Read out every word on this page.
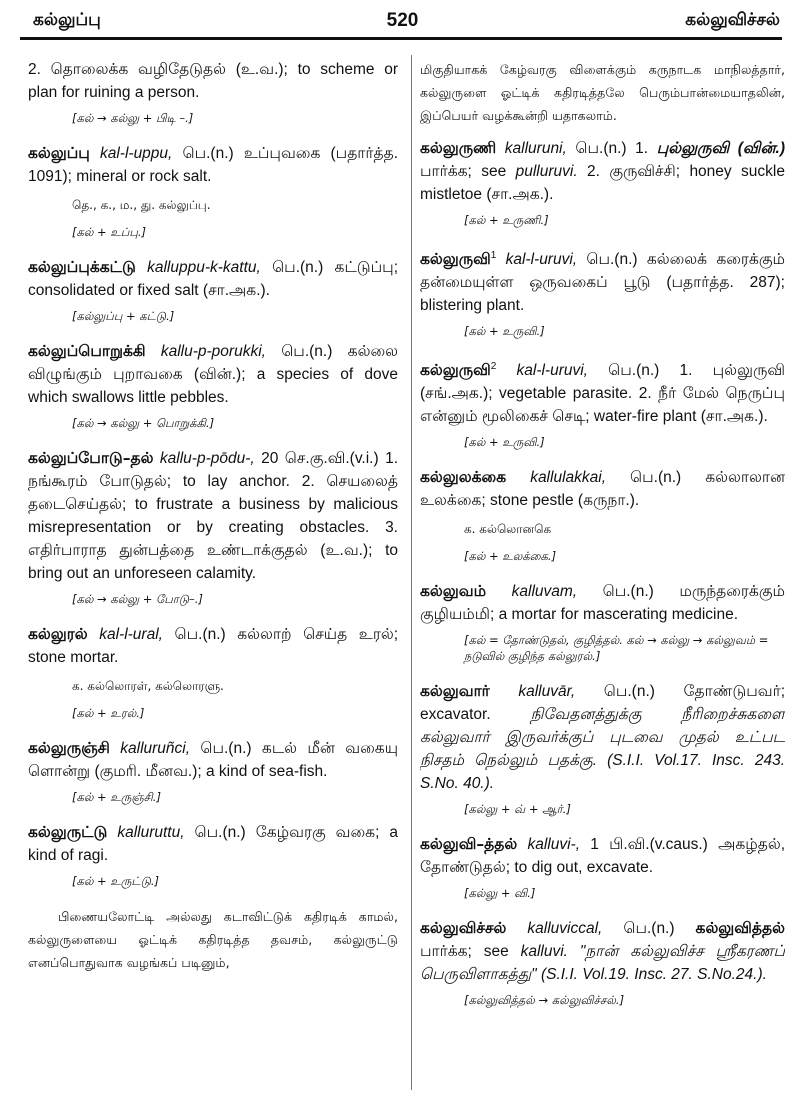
கல்லுப்பு	520	கல்லுவிச்சல்
2. தொலைக்க வழிதேடுதல் (உ.வ.); to scheme or plan for ruining a person.
[கல் → கல்லு + பிடி –.]
கல்லுப்பு kal-l-uppu, பெ.(n.) உப்புவகை (பதார்த்த. 1091); mineral or rock salt.
தெ., க., ம., து. கல்லுப்பு.
[கல் + உப்பு.]
கல்லுப்புக்கட்டு kalluppu-k-kattu, பெ.(n.) கட்டுப்பு; consolidated or fixed salt (சா.அக.).
[கல்லுப்பு + கட்டு.]
கல்லுப்பொறுக்கி kallu-p-porukki, பெ.(n.) கல்லை விழுங்கும் புறாவகை (வின்.); a species of dove which swallows little pebbles.
[கல் → கல்லு + பொறுக்கி.]
கல்லுப்போடு–தல் kallu-p-pōdu-, 20 செ.கு.வி.(v.i.) 1. நங்கூரம் போடுதல்; to lay anchor. 2. செயலைத் தடைசெய்தல்; to frustrate a business by malicious misrepresentation or by creating obstacles. 3. எதிர்பாராத துன்பத்தை உண்டாக்குதல் (உ.வ.); to bring out an unforeseen calamity.
[கல் → கல்லு + போடு–.]
கல்லுரல் kal-l-ural, பெ.(n.) கல்லாற் செய்த உரல்; stone mortar.
க. கல்லொரள், கல்லொரளு.
[கல் + உரல்.]
கல்லுருஞ்சி kalluruñci, பெ.(n.) கடல் மீன் வகையு ளொன்று (குமரி. மீனவ.); a kind of sea-fish.
[கல் + உருஞ்சி.]
கல்லுருட்டு kalluruttu, பெ.(n.) கேழ்வரகு வகை; a kind of ragi.
[கல் + உருட்டு.]
பிணையலோட்டி அல்லது கடாவிட்டுக் கதிரடிக் காமல், கல்லுருளையை ஓட்டிக் கதிரடித்த தவசம், கல்லுருட்டு எனப்பொதுவாக வழங்கப் படினும்,
மிகுதியாகக் கேழ்வரகு விளைக்கும் கருநாடக மாநிலத்தார், கல்லுருளை ஓட்டிக் கதிரடித்தலே பெரும்பான்மையாதலின், இப்பெயர் வழக்கூன்றி யதாகலாம்.
கல்லுருணி kalluruni, பெ.(n.) 1. புல்லுருவி (வின்.) பார்க்க; see pulluruvi. 2. குருவிச்சி; honey suckle mistletoe (சா.அக.).
[கல் + உருணி.]
கல்லுருவி$^1$ kal-l-uruvi, பெ.(n.) கல்லைக் கரைக்கும் தன்மையுள்ள ஒருவகைப் பூடு (பதார்த்த. 287); blistering plant.
[கல் + உருவி.]
கல்லுருவி$^2$ kal-l-uruvi, பெ.(n.) 1. புல்லுருவி (சங்.அக.); vegetable parasite. 2. நீர் மேல் நெருப்பு என்னும் மூலிகைச் செடி; water-fire plant (சா.அக.).
[கல் + உருவி.]
கல்லுலக்கை kallulakkai, பெ.(n.) கல்லாலான உலக்கை; stone pestle (கருநா.).
க. கல்லொனகெ
[கல் + உலக்கை.]
கல்லுவம் kalluvam, பெ.(n.) மருந்தரைக்கும் குழியம்மி; a mortar for mascerating medicine.
[கல் = தோண்டுதல், குழித்தல். கல் → கல்லு → கல்லுவம் = நடுவில் குழிந்த கல்லுரல்.]
கல்லுவார் kalluvār, பெ.(n.) தோண்டுபவர்; excavator. நிவேதனத்துக்கு நீரிறைச்சுகளை கல்லுவார் இருவர்க்குப் புடவை முதல் உட்பட நிசதம் நெல்லும் பதக்கு. (S.I.I. Vol.17. Insc. 243. S.No. 40.).
[கல்லு + வ் + ஆர்.]
கல்லுவி–த்தல் kalluvi-, 1 பி.வி.(v.caus.) அகழ்தல், தோண்டுதல்; to dig out, excavate.
[கல்லு + வி.]
கல்லுவிச்சல் kalluviccal, பெ.(n.) கல்லுவித்தல் பார்க்க; see kalluvi. "நான் கல்லுவிச்ச ஸ்ரீகரணப் பெருவிளாகத்து" (S.I.I. Vol.19. Insc. 27. S.No.24.).
[கல்லுவித்தல் → கல்லுவிச்சல்.]
